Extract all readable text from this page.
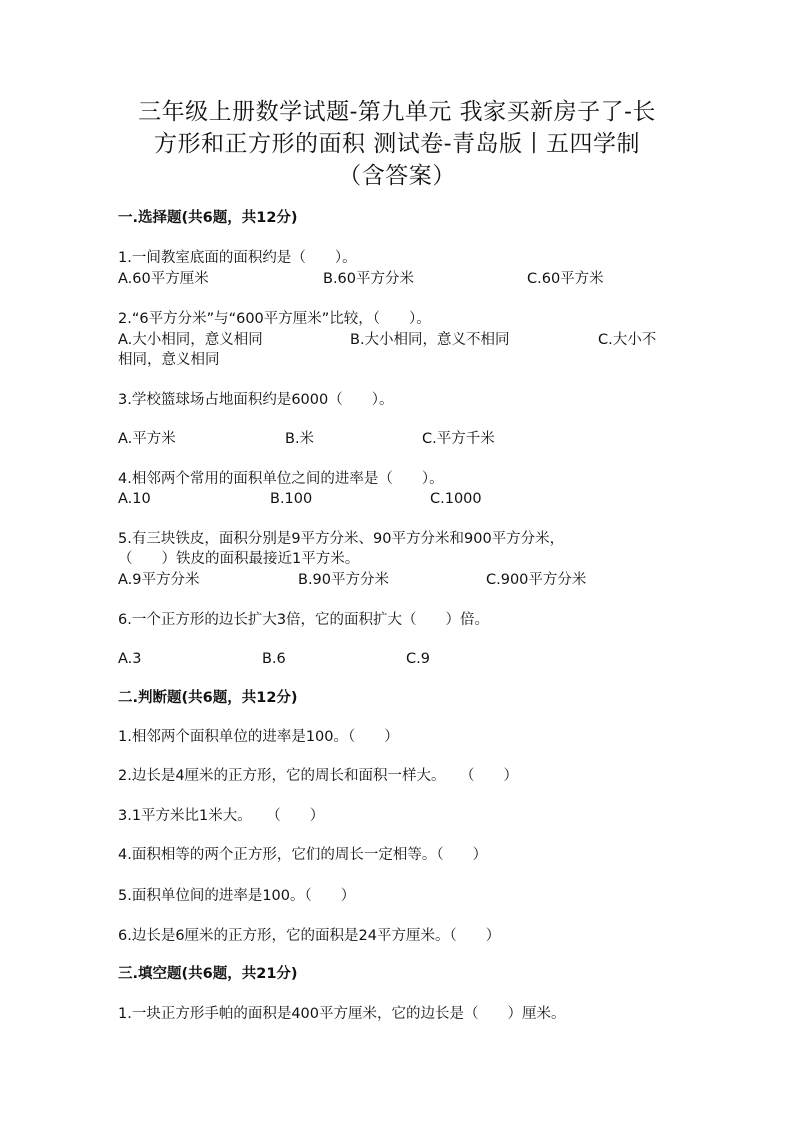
三年级上册数学试题-第九单元 我家买新房子了-长
方形和正方形的面积 测试卷-青岛版丨五四学制
（含答案）
一.选择题(共6题，共12分)
1.一间教室底面的面积约是（　　）。
A.60平方厘米	B.60平方分米	C.60平方米
2.“6平方分米”与“600平方厘米”比较，（　　）。
A.大小相同，意义相同	B.大小相同，意义不相同	C.大小不
相同，意义相同
3.学校篮球场占地面积约是6000（　　）。
A.平方米	B.米	C.平方千米
4.相邻两个常用的面积单位之间的进率是（　　）。
A.10	B.100	C.1000
5.有三块铁皮，面积分别是9平方分米、90平方分米和900平方分米，
（　　）铁皮的面积最接近1平方米。
A.9平方分米	B.90平方分米	C.900平方分米
6.一个正方形的边长扩大3倍，它的面积扩大（　　）倍。
A.3	B.6	C.9
二.判断题(共6题，共12分)
1.相邻两个面积单位的进率是100。（　　）
2.边长是4厘米的正方形，它的周长和面积一样大。　　（　　）
3.1平方米比1米大。　　（　　）
4.面积相等的两个正方形，它们的周长一定相等。（　　）
5.面积单位间的进率是100。（　　）
6.边长是6厘米的正方形，它的面积是24平方厘米。（　　）
三.填空题(共6题，共21分)
1.一块正方形手帕的面积是400平方厘米，它的边长是（　　）厘米。
